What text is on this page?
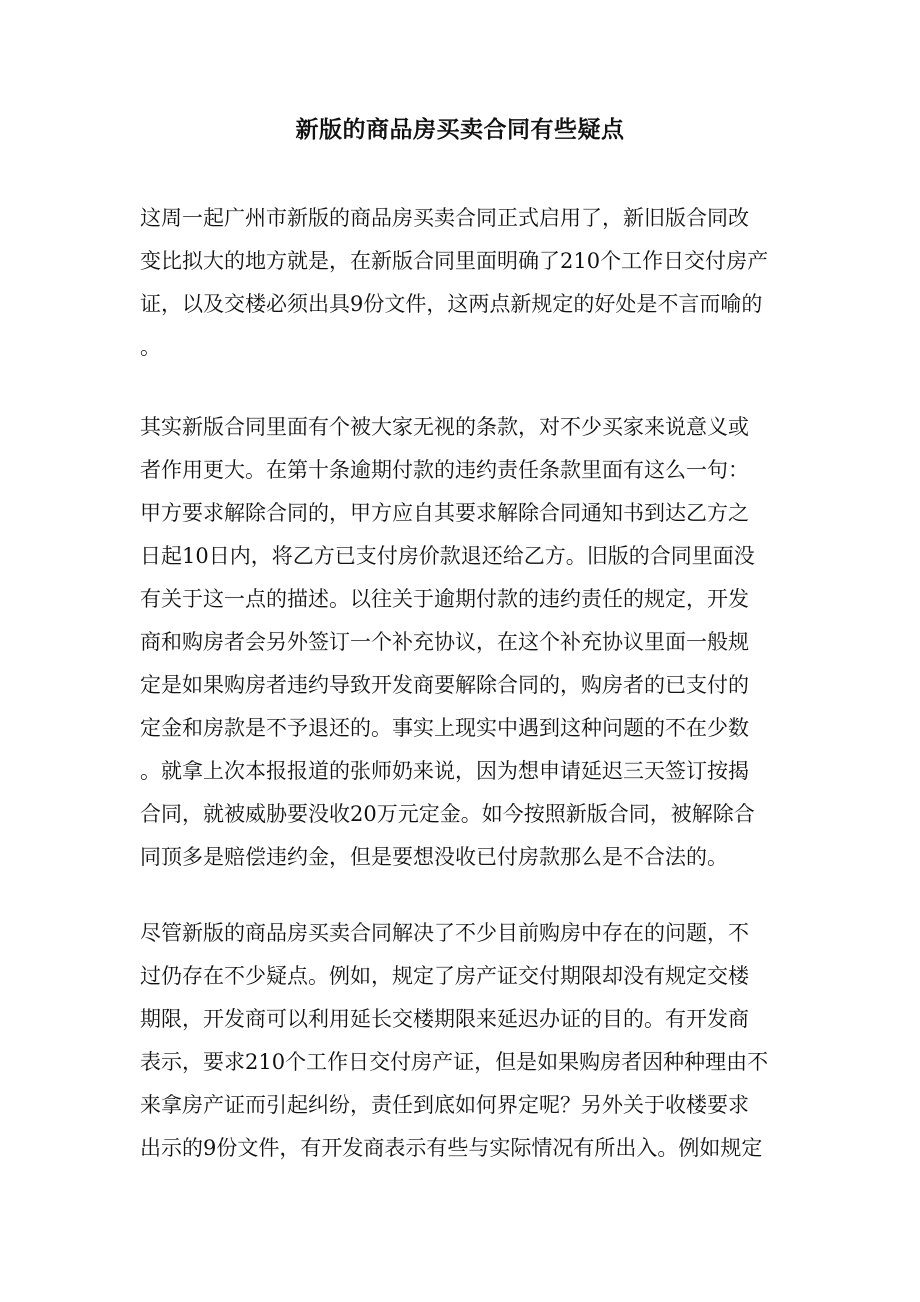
新版的商品房买卖合同有些疑点
这周一起广州市新版的商品房买卖合同正式启用了，新旧版合同改
变比拟大的地方就是，在新版合同里面明确了210个工作日交付房产
证，以及交楼必须出具9份文件，这两点新规定的好处是不言而喻的
。
其实新版合同里面有个被大家无视的条款，对不少买家来说意义或
者作用更大。在第十条逾期付款的违约责任条款里面有这么一句：
甲方要求解除合同的，甲方应自其要求解除合同通知书到达乙方之
日起10日内，将乙方已支付房价款退还给乙方。旧版的合同里面没
有关于这一点的描述。以往关于逾期付款的违约责任的规定，开发
商和购房者会另外签订一个补充协议，在这个补充协议里面一般规
定是如果购房者违约导致开发商要解除合同的，购房者的已支付的
定金和房款是不予退还的。事实上现实中遇到这种问题的不在少数
。就拿上次本报报道的张师奶来说，因为想申请延迟三天签订按揭
合同，就被威胁要没收20万元定金。如今按照新版合同，被解除合
同顶多是赔偿违约金，但是要想没收已付房款那么是不合法的。
尽管新版的商品房买卖合同解决了不少目前购房中存在的问题，不
过仍存在不少疑点。例如，规定了房产证交付期限却没有规定交楼
期限，开发商可以利用延长交楼期限来延迟办证的目的。有开发商
表示，要求210个工作日交付房产证，但是如果购房者因种种理由不
来拿房产证而引起纠纷，责任到底如何界定呢？另外关于收楼要求
出示的9份文件，有开发商表示有些与实际情况有所出入。例如规定
